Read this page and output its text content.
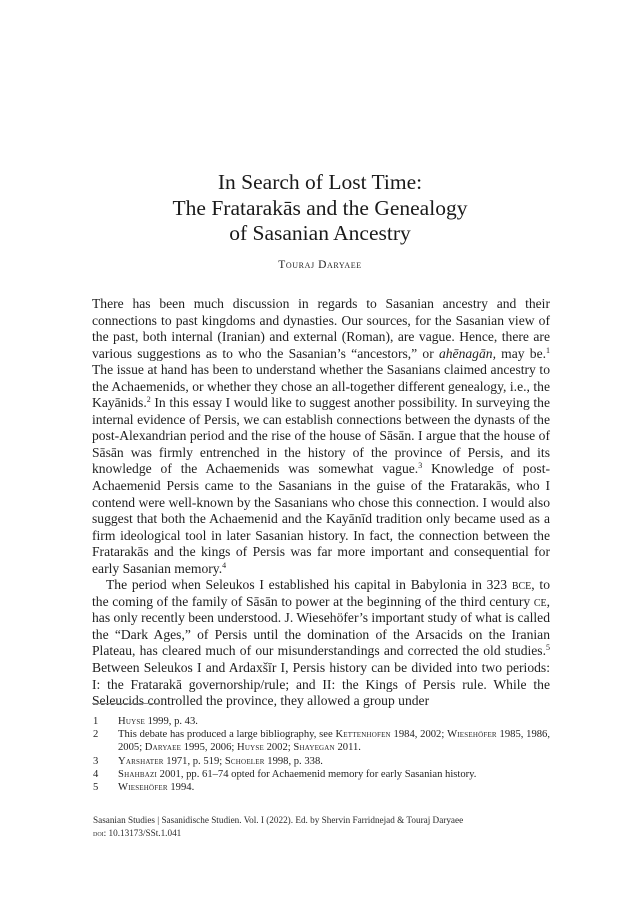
In Search of Lost Time:
The Fratarakās and the Genealogy
of Sasanian Ancestry
Touraj Daryaee

There has been much discussion in regards to Sasanian ancestry and their connections to past kingdoms and dynasties. Our sources, for the Sasanian view of the past, both internal (Iranian) and external (Roman), are vague. Hence, there are various suggestions as to who the Sasanian’s “ancestors,” or ahēnagān, may be.$^1$ The issue at hand has been to understand whether the Sasanians claimed ancestry to the Achaemenids, or whether they chose an all-together different genealogy, i.e., the Kayānids.$^2$ In this essay I would like to suggest another possibility. In surveying the internal evidence of Persis, we can establish connections between the dynasts of the post-Alexandrian period and the rise of the house of Sāsān. I argue that the house of Sāsān was firmly entrenched in the history of the province of Persis, and its knowledge of the Achaemenids was somewhat vague.$^3$ Knowledge of post-Achaemenid Persis came to the Sasanians in the guise of the Fratarakās, who I contend were well-known by the Sasanians who chose this connection. I would also suggest that both the Achaemenid and the Kayānīd tradition only became used as a firm ideological tool in later Sasanian history. In fact, the connection between the Fratarakās and the kings of Persis was far more important and consequential for early Sasanian memory.$^4$

The period when Seleukos I established his capital in Babylonia in 323 bce, to the coming of the family of Sāsān to power at the beginning of the third century ce, has only recently been understood. J. Wiesehöfer’s important study of what is called the “Dark Ages,” of Persis until the domination of the Arsacids on the Iranian Plateau, has cleared much of our misunderstandings and corrected the old studies.$^5$ Between Seleukos I and Ardaxšīr I, Persis history can be divided into two periods: I: the Fratarakā governorship/rule; and II: the Kings of Persis rule. While the Seleucids controlled the province, they allowed a group under

1 Huyse 1999, p. 43.
2 This debate has produced a large bibliography, see Kettenhofen 1984, 2002; Wiesehöfer 1985, 1986, 2005; Daryaee 1995, 2006; Huyse 2002; Shayegan 2011.
3 Yarshater 1971, p. 519; Schoeler 1998, p. 338.
4 Shahbazi 2001, pp. 61–74 opted for Achaemenid memory for early Sasanian history.
5 Wiesehöfer 1994.
Sasanian Studies | Sasanidische Studien. Vol. I (2022). Ed. by Shervin Farridnejad & Touraj Daryaee
doi: 10.13173/SSt.1.041
